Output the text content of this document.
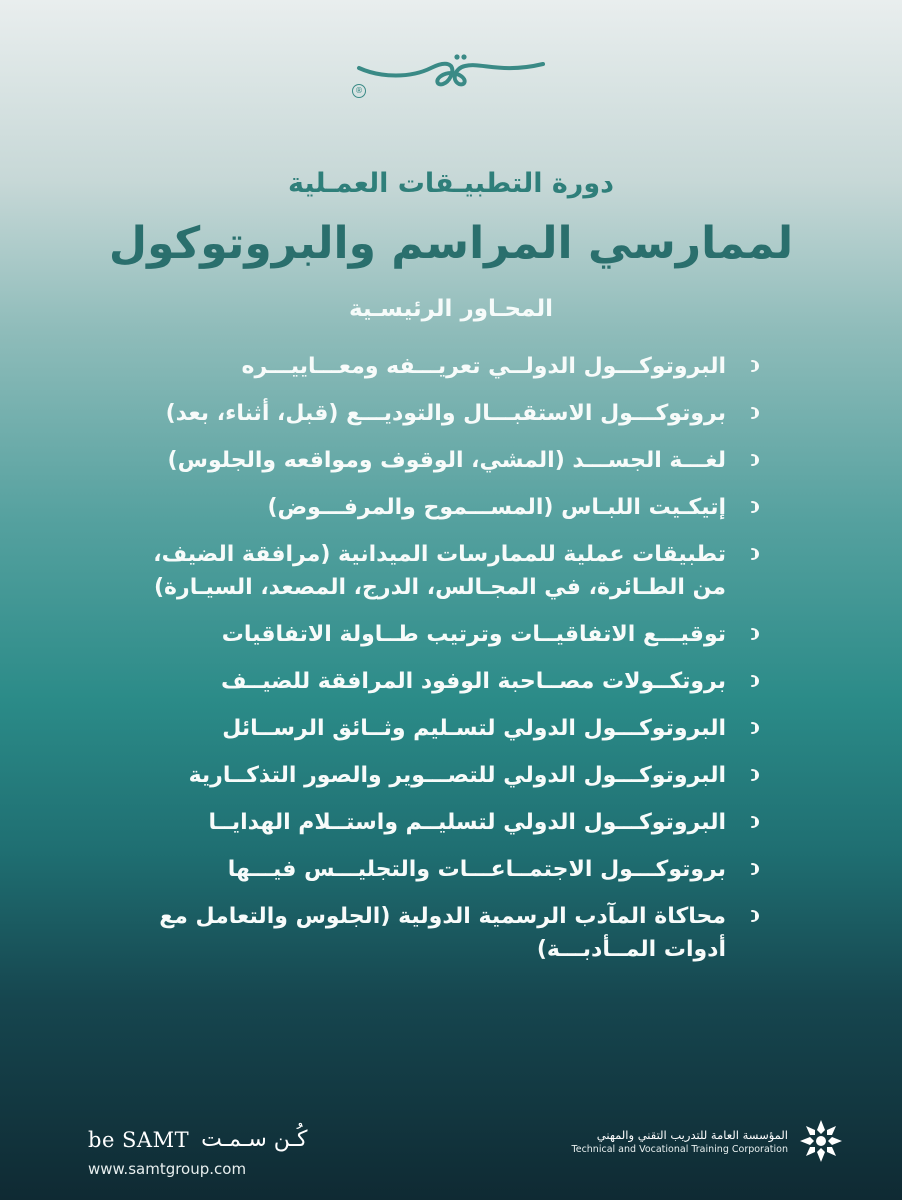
®
دورة التطبيـقات العمـلية
لممارسي المراسم والبروتوكول
المحـاور الرئيسـية
البروتوكـــول الدولــي تعريـــفه ومعـــاييـــره
بروتوكـــول الاستقبـــال والتوديـــع (قبل، أثناء، بعد)
لغـــة الجســـد (المشي، الوقوف ومواقعه والجلوس)
إتيكـيت اللبـاس (المســـموح والمرفـــوض)
تطبيقات عملية للممارسات الميدانية (مرافقة الضيف، من الطـائرة، في المجـالس، الدرج، المصعد، السيـارة)
توقيـــع الاتفاقيــات وترتيب طــاولة الاتفاقيات
بروتكــولات مصــاحبة الوفود المرافقة للضيــف
البروتوكـــول الدولي لتسـليم وثــائق الرســائل
البروتوكـــول الدولي للتصـــوير والصور التذكــارية
البروتوكـــول الدولي لتسليــم واستــلام الهدايــا
بروتوكـــول الاجتمــاعـــات والتجليـــس فيـــها
محاكاة المآدب الرسمية الدولية (الجلوس والتعامل مع أدوات المــأدبـــة)
be SAMT كُـن سـمـت
www.samtgroup.com
المؤسسة العامة للتدريب التقني والمهني
Technical and Vocational Training Corporation
